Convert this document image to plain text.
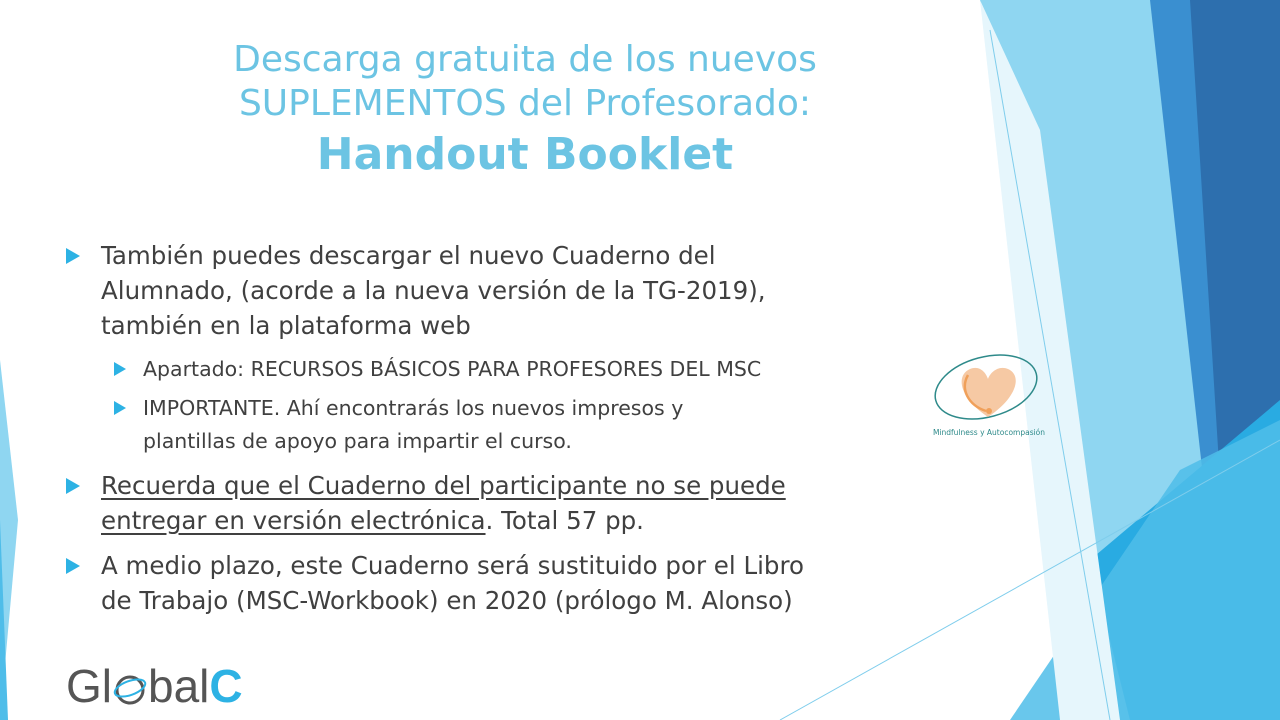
Descarga gratuita de los nuevos
SUPLEMENTOS del Profesorado:
Handout Booklet
También puedes descargar el nuevo Cuaderno del
Alumnado, (acorde a la nueva versión de la TG-2019),
también en la plataforma web
Apartado: RECURSOS BÁSICOS PARA PROFESORES DEL MSC
IMPORTANTE. Ahí encontrarás los nuevos impresos y
plantillas de apoyo para impartir el curso.
Recuerda que el Cuaderno del participante no se puede
entregar en versión electrónica. Total 57 pp.
A medio plazo, este Cuaderno será sustituido por el Libro
de Trabajo (MSC-Workbook) en 2020 (prólogo M. Alonso)
Mindfulness y Autocompasión
Gl balC
